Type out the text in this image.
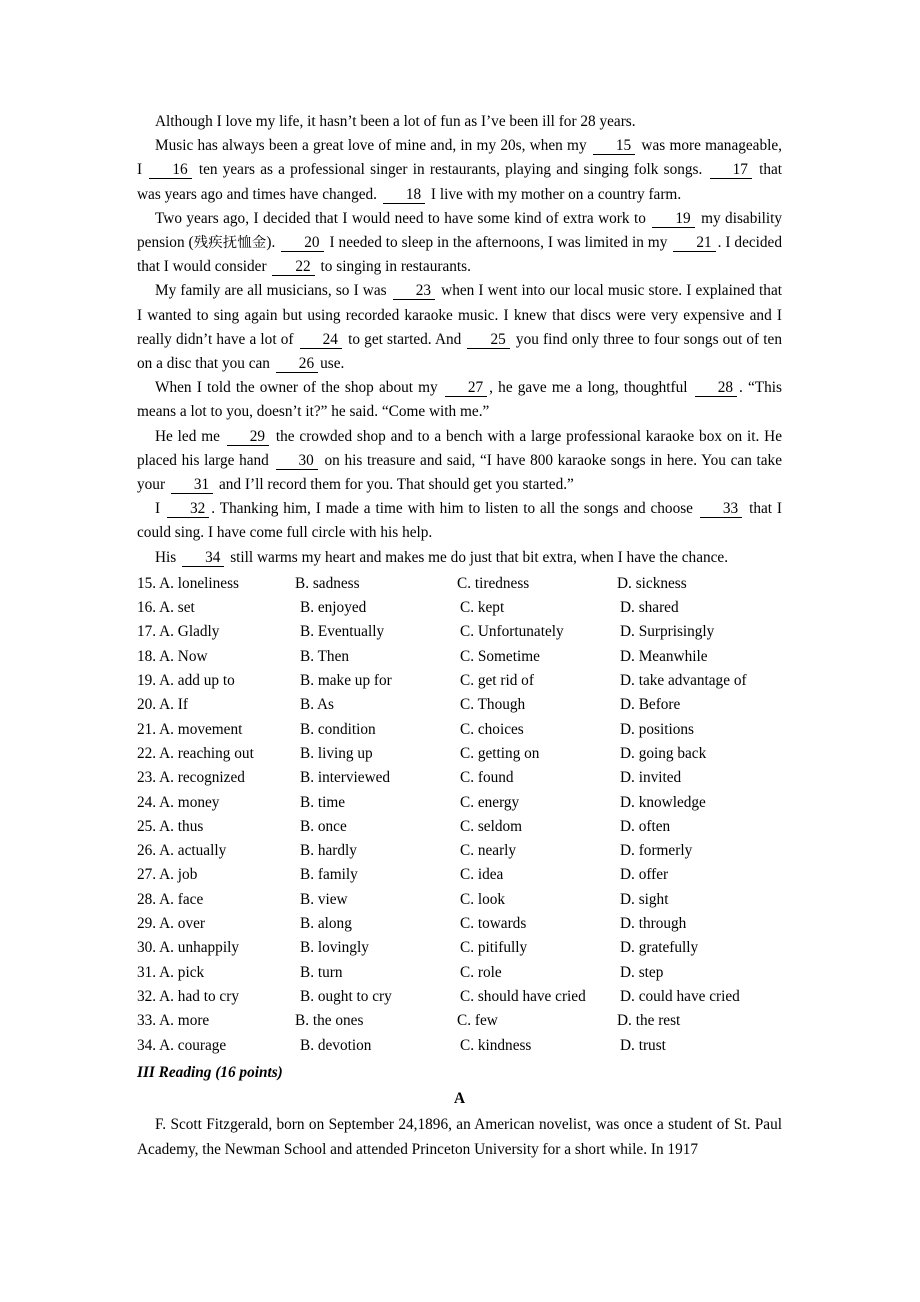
Although I love my life, it hasn’t been a lot of fun as I’ve been ill for 28 years.

Music has always been a great love of mine and, in my 20s, when my 15 was more manageable, I 16 ten years as a professional singer in restaurants, playing and singing folk songs. 17 that was years ago and times have changed. 18 I live with my mother on a country farm.

Two years ago, I decided that I would need to have some kind of extra work to 19 my disability pension (残疾抚恤金). 20 I needed to sleep in the afternoons, I was limited in my 21 . I decided that I would consider 22 to singing in restaurants.

My family are all musicians, so I was 23 when I went into our local music store. I explained that I wanted to sing again but using recorded karaoke music. I knew that discs were very expensive and I really didn’t have a lot of 24 to get started. And 25 you find only three to four songs out of ten on a disc that you can 26 use.

When I told the owner of the shop about my 27 , he gave me a long, thoughtful 28 . “This means a lot to you, doesn’t it?” he said. “Come with me.”

He led me 29 the crowded shop and to a bench with a large professional karaoke box on it. He placed his large hand 30 on his treasure and said, “I have 800 karaoke songs in here. You can take your 31 and I’ll record them for you. That should get you started.”

I 32 . Thanking him, I made a time with him to listen to all the songs and choose 33 that I could sing. I have come full circle with his help.

His 34 still warms my heart and makes me do just that bit extra, when I have the chance.

15. A. loneliness	B. sadness	C. tiredness	D. sickness
16. A. set	B. enjoyed	C. kept	D. shared
17. A. Gladly	B. Eventually	C. Unfortunately	D. Surprisingly
18. A. Now	B. Then	C. Sometime	D. Meanwhile
19. A. add up to	B. make up for	C. get rid of	D. take advantage of
20. A. If	B. As	C. Though	D. Before
21. A. movement	B. condition	C. choices	D. positions
22. A. reaching out	B. living up	C. getting on	D. going back
23. A. recognized	B. interviewed	C. found	D. invited
24. A. money	B. time	C. energy	D. knowledge
25. A. thus	B. once	C. seldom	D. often
26. A. actually	B. hardly	C. nearly	D. formerly
27. A. job	B. family	C. idea	D. offer
28. A. face	B. view	C. look	D. sight
29. A. over	B. along	C. towards	D. through
30. A. unhappily	B. lovingly	C. pitifully	D. gratefully
31. A. pick	B. turn	C. role	D. step
32. A. had to cry	B. ought to cry	C. should have cried D. could have cried
33. A. more	B. the ones	C. few	D. the rest
34. A. courage	B. devotion	C. kindness	D. trust
III Reading (16 points)
A

F. Scott Fitzgerald, born on September 24,1896, an American novelist, was once a student of St. Paul Academy, the Newman School and attended Princeton University for a short while. In 1917
